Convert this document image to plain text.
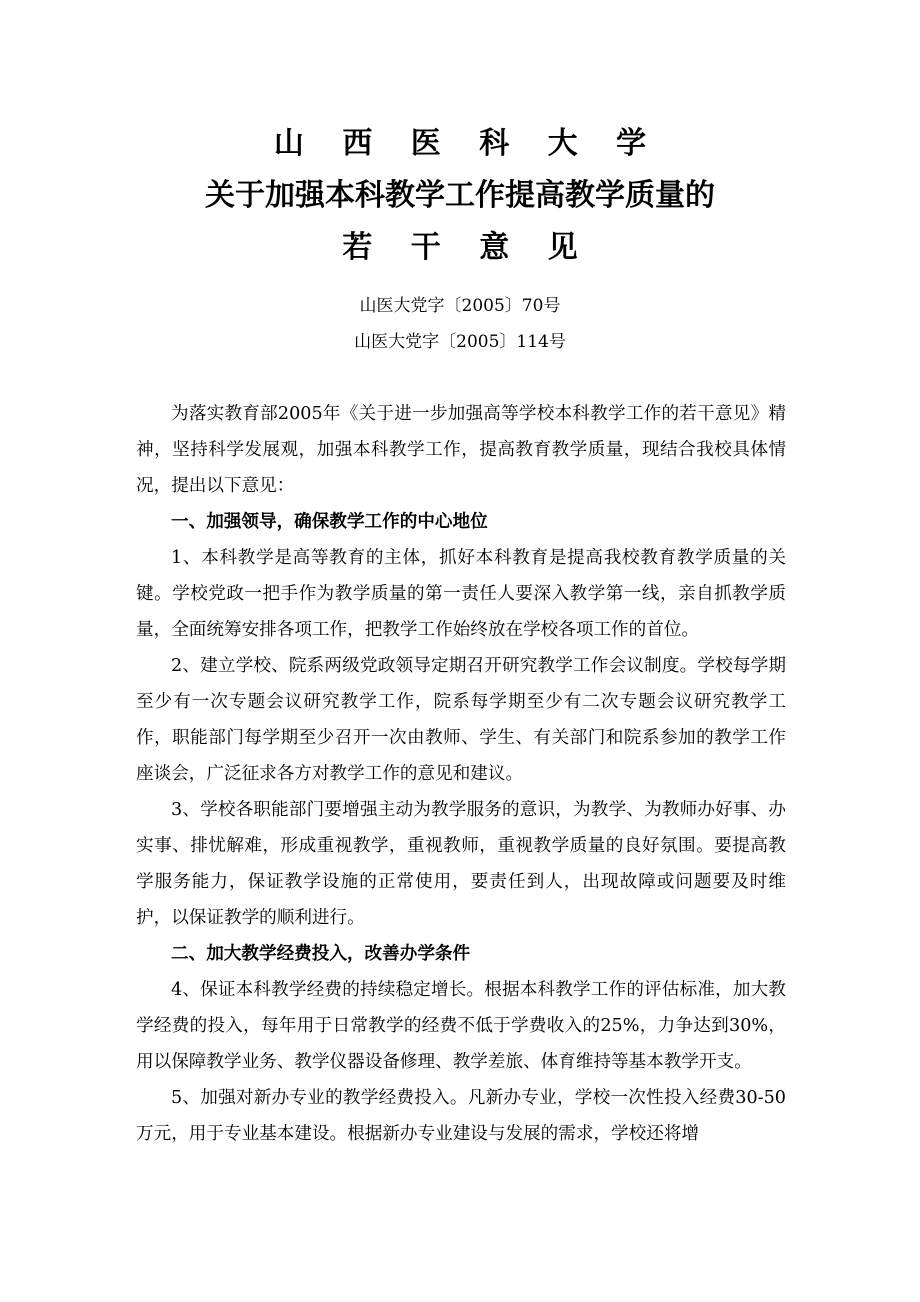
山 西 医 科 大 学
关于加强本科教学工作提高教学质量的
若 干 意 见
山医大党字〔2005〕70号
山医大党字〔2005〕114号

为落实教育部2005年《关于进一步加强高等学校本科教学工作的若干意见》精神，坚持科学发展观，加强本科教学工作，提高教育教学质量，现结合我校具体情况，提出以下意见：

一、加强领导，确保教学工作的中心地位

1、本科教学是高等教育的主体，抓好本科教育是提高我校教育教学质量的关键。学校党政一把手作为教学质量的第一责任人要深入教学第一线，亲自抓教学质量，全面统筹安排各项工作，把教学工作始终放在学校各项工作的首位。

2、建立学校、院系两级党政领导定期召开研究教学工作会议制度。学校每学期至少有一次专题会议研究教学工作，院系每学期至少有二次专题会议研究教学工作，职能部门每学期至少召开一次由教师、学生、有关部门和院系参加的教学工作座谈会，广泛征求各方对教学工作的意见和建议。

3、学校各职能部门要增强主动为教学服务的意识，为教学、为教师办好事、办实事、排忧解难，形成重视教学，重视教师，重视教学质量的良好氛围。要提高教学服务能力，保证教学设施的正常使用，要责任到人，出现故障或问题要及时维护，以保证教学的顺利进行。

二、加大教学经费投入，改善办学条件

4、保证本科教学经费的持续稳定增长。根据本科教学工作的评估标准，加大教学经费的投入，每年用于日常教学的经费不低于学费收入的25%，力争达到30%，用以保障教学业务、教学仪器设备修理、教学差旅、体育维持等基本教学开支。

5、加强对新办专业的教学经费投入。凡新办专业，学校一次性投入经费30-50万元，用于专业基本建设。根据新办专业建设与发展的需求，学校还将增
